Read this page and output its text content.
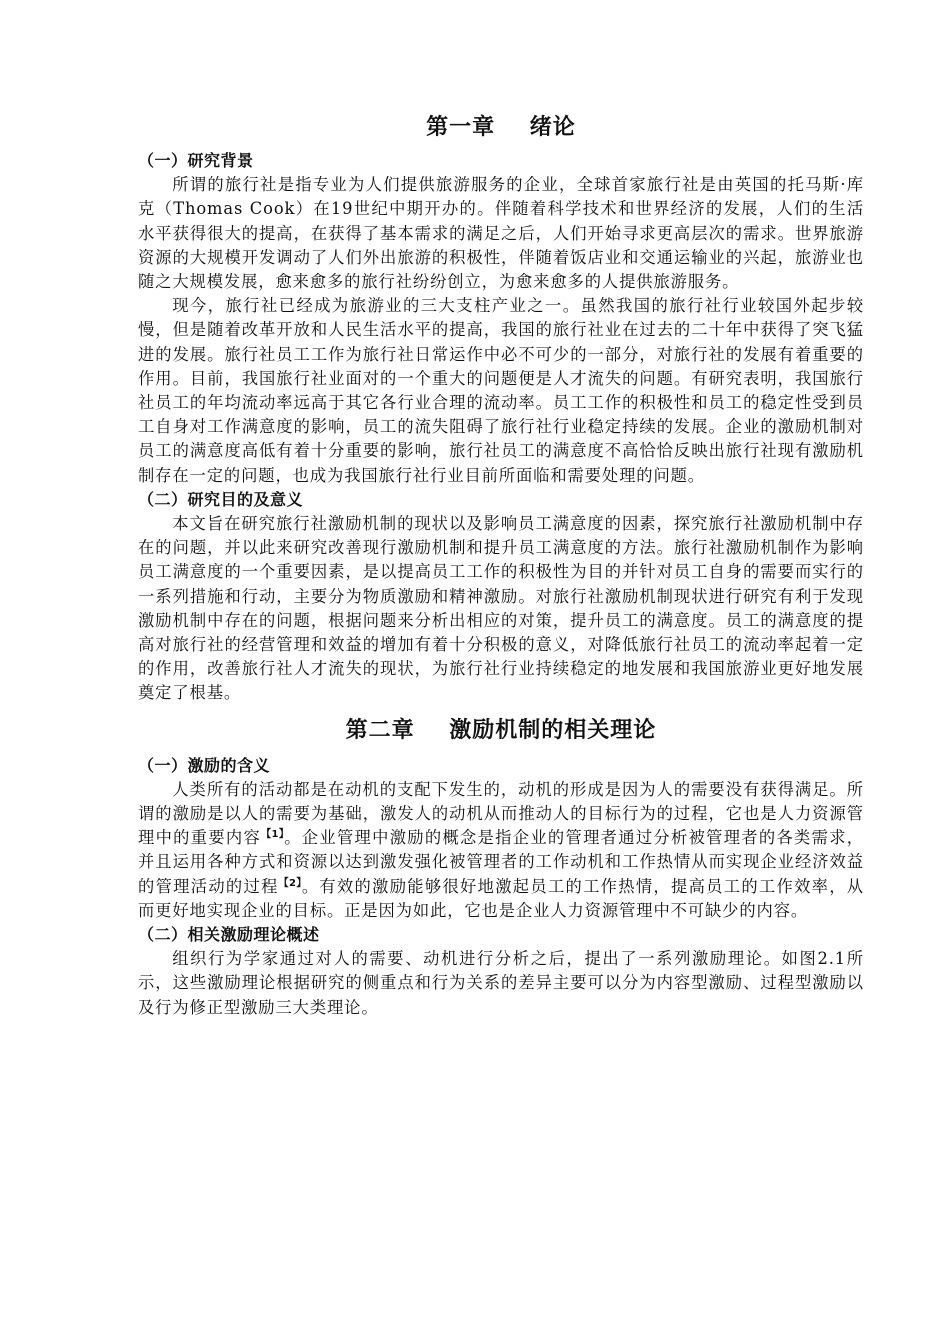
第一章    绪论
（一）研究背景

所谓的旅行社是指专业为人们提供旅游服务的企业，全球首家旅行社是由英国的托马斯·库克（Thomas Cook）在19世纪中期开办的。伴随着科学技术和世界经济的发展，人们的生活水平获得很大的提高，在获得了基本需求的满足之后，人们开始寻求更高层次的需求。世界旅游资源的大规模开发调动了人们外出旅游的积极性，伴随着饭店业和交通运输业的兴起，旅游业也随之大规模发展，愈来愈多的旅行社纷纷创立，为愈来愈多的人提供旅游服务。

现今，旅行社已经成为旅游业的三大支柱产业之一。虽然我国的旅行社行业较国外起步较慢，但是随着改革开放和人民生活水平的提高，我国的旅行社业在过去的二十年中获得了突飞猛进的发展。旅行社员工工作为旅行社日常运作中必不可少的一部分，对旅行社的发展有着重要的作用。目前，我国旅行社业面对的一个重大的问题便是人才流失的问题。有研究表明，我国旅行社员工的年均流动率远高于其它各行业合理的流动率。员工工作的积极性和员工的稳定性受到员工自身对工作满意度的影响，员工的流失阻碍了旅行社行业稳定持续的发展。企业的激励机制对员工的满意度高低有着十分重要的影响，旅行社员工的满意度不高恰恰反映出旅行社现有激励机制存在一定的问题，也成为我国旅行社行业目前所面临和需要处理的问题。

（二）研究目的及意义

本文旨在研究旅行社激励机制的现状以及影响员工满意度的因素，探究旅行社激励机制中存在的问题，并以此来研究改善现行激励机制和提升员工满意度的方法。旅行社激励机制作为影响员工满意度的一个重要因素，是以提高员工工作的积极性为目的并针对员工自身的需要而实行的一系列措施和行动，主要分为物质激励和精神激励。对旅行社激励机制现状进行研究有利于发现激励机制中存在的问题，根据问题来分析出相应的对策，提升员工的满意度。员工的满意度的提高对旅行社的经营管理和效益的增加有着十分积极的意义，对降低旅行社员工的流动率起着一定的作用，改善旅行社人才流失的现状，为旅行社行业持续稳定的地发展和我国旅游业更好地发展奠定了根基。

第二章    激励机制的相关理论
（一）激励的含义

人类所有的活动都是在动机的支配下发生的，动机的形成是因为人的需要没有获得满足。所谓的激励是以人的需要为基础，激发人的动机从而推动人的目标行为的过程，它也是人力资源管理中的重要内容$^{【1】}$。企业管理中激励的概念是指企业的管理者通过分析被管理者的各类需求，并且运用各种方式和资源以达到激发强化被管理者的工作动机和工作热情从而实现企业经济效益的管理活动的过程$^{【2】}$。有效的激励能够很好地激起员工的工作热情，提高员工的工作效率，从而更好地实现企业的目标。正是因为如此，它也是企业人力资源管理中不可缺少的内容。

（二）相关激励理论概述

组织行为学家通过对人的需要、动机进行分析之后，提出了一系列激励理论。如图2.1所示，这些激励理论根据研究的侧重点和行为关系的差异主要可以分为内容型激励、过程型激励以及行为修正型激励三大类理论。
